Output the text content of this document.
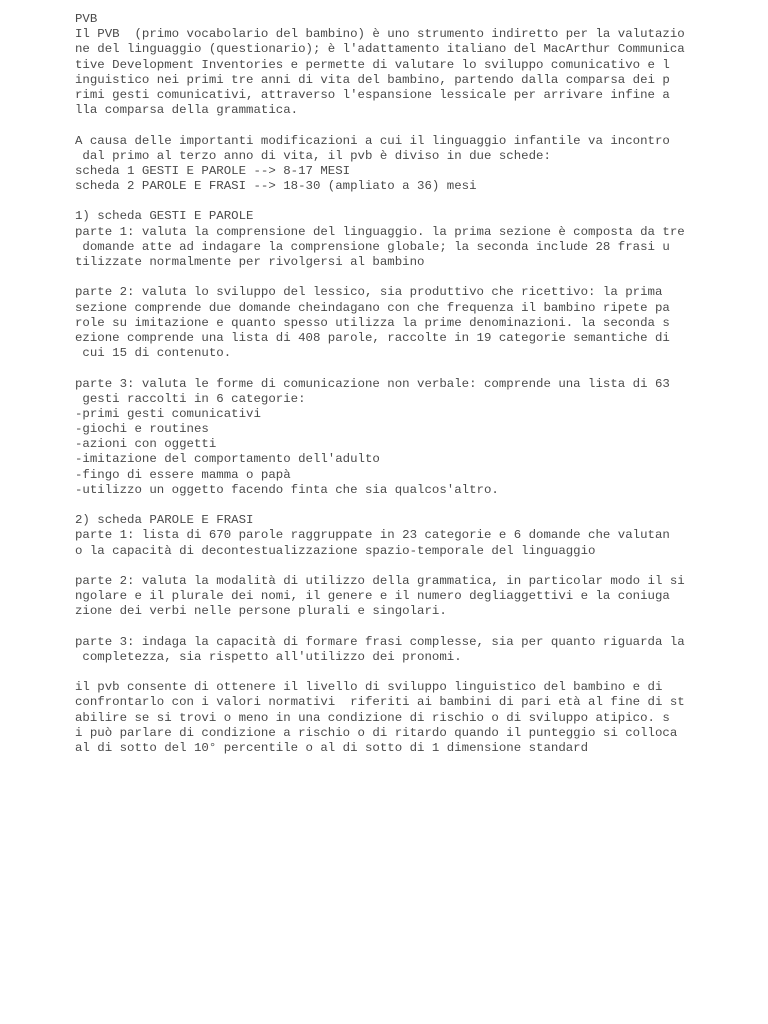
PVB
Il PVB  (primo vocabolario del bambino) è uno strumento indiretto per la valutazio
ne del linguaggio (questionario); è l'adattamento italiano del MacArthur Communica
tive Development Inventories e permette di valutare lo sviluppo comunicativo e l
inguistico nei primi tre anni di vita del bambino, partendo dalla comparsa dei p
rimi gesti comunicativi, attraverso l'espansione lessicale per arrivare infine a
lla comparsa della grammatica.
A causa delle importanti modificazioni a cui il linguaggio infantile va incontro
dal primo al terzo anno di vita, il pvb è diviso in due schede:
scheda 1 GESTI E PAROLE --> 8-17 MESI
scheda 2 PAROLE E FRASI --> 18-30 (ampliato a 36) mesi
1) scheda GESTI E PAROLE
parte 1: valuta la comprensione del linguaggio. la prima sezione è composta da tre
domande atte ad indagare la comprensione globale; la seconda include 28 frasi u
tilizzate normalmente per rivolgersi al bambino
parte 2: valuta lo sviluppo del lessico, sia produttivo che ricettivo: la prima
sezione comprende due domande cheindagano con che frequenza il bambino ripete pa
role su imitazione e quanto spesso utilizza la prime denominazioni. la seconda s
ezione comprende una lista di 408 parole, raccolte in 19 categorie semantiche di
cui 15 di contenuto.
parte 3: valuta le forme di comunicazione non verbale: comprende una lista di 63
gesti raccolti in 6 categorie:
-primi gesti comunicativi
-giochi e routines
-azioni con oggetti
-imitazione del comportamento dell'adulto
-fingo di essere mamma o papà
-utilizzo un oggetto facendo finta che sia qualcos'altro.
2) scheda PAROLE E FRASI
parte 1: lista di 670 parole raggruppate in 23 categorie e 6 domande che valutan
o la capacità di decontestualizzazione spazio-temporale del linguaggio
parte 2: valuta la modalità di utilizzo della grammatica, in particolar modo il si
ngolare e il plurale dei nomi, il genere e il numero degliaggettivi e la coniuga
zione dei verbi nelle persone plurali e singolari.
parte 3: indaga la capacità di formare frasi complesse, sia per quanto riguarda la
completezza, sia rispetto all'utilizzo dei pronomi.
il pvb consente di ottenere il livello di sviluppo linguistico del bambino e di
confrontarlo con i valori normativi  riferiti ai bambini di pari età al fine di st
abilire se si trovi o meno in una condizione di rischio o di sviluppo atipico. s
i può parlare di condizione a rischio o di ritardo quando il punteggio si colloca
al di sotto del 10° percentile o al di sotto di 1 dimensione standard
